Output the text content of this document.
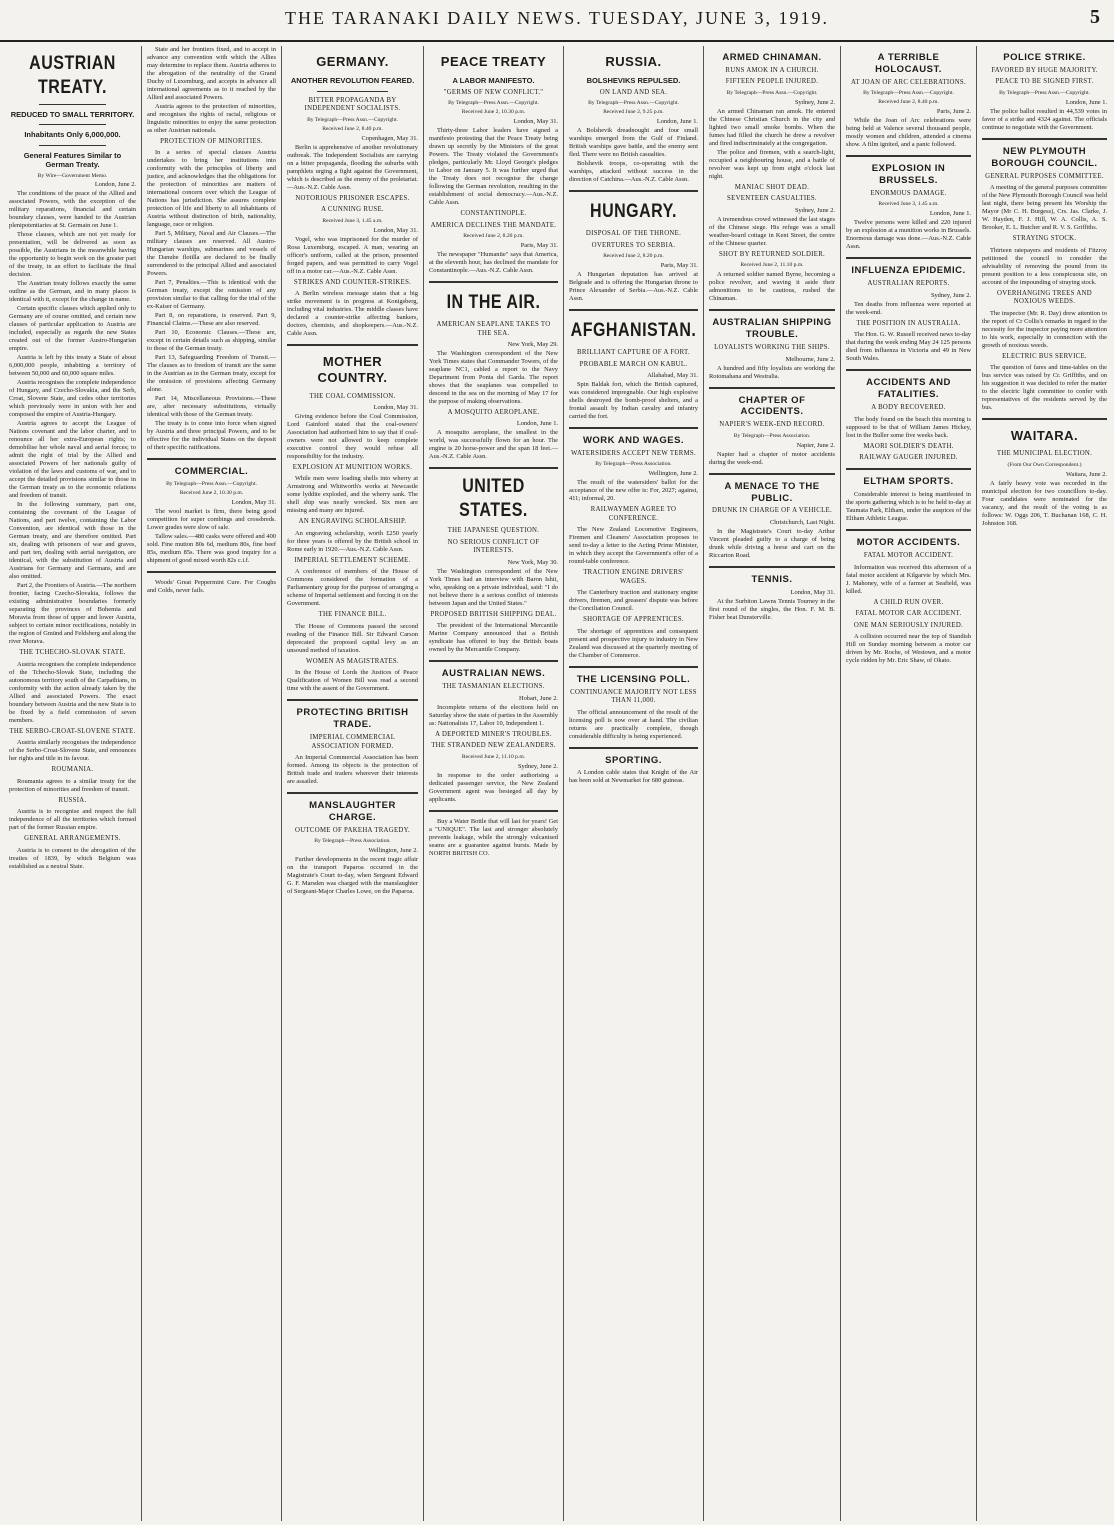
THE TARANAKI DAILY NEWS. TUESDAY, JUNE 3, 1919.	5
AUSTRIAN TREATY.
REDUCED TO SMALL TERRITORY.
Inhabitants Only 6,000,000.
General Features Similar to German Treaty.
By Wire—Government Memo.
London, June 2.

The conditions of the peace of the Allied and associated Powers, with the exception of the military reparations, financial and certain boundary clauses, were handed to the Austrian plenipotentiaries at St. Germain on June 1.

Those clauses, which are not yet ready for presentation, will be delivered as soon as possible, the Austrians in the meanwhile having the opportunity to begin work on the greater part of the treaty, in an effort to facilitate the final decision.

The Austrian treaty follows exactly the same outline as the German, and in many places is identical with it, except for the change in name.

Certain specific clauses which applied only to Germany are of course omitted, and certain new clauses of particular application to Austria are included, especially as regards the new States created out of the former Austro-Hungarian empire.

Austria is left by this treaty a State of about 6,000,000 people, inhabiting a territory of between 50,000 and 60,000 square miles.

Austria recognises the complete independence of Hungary, and Czecho-Slovakia, and the Serb, Croat, Slovene State, and cedes other territories which previously were in union with her and composed the empire of Austria-Hungary.

Austria agrees to accept the League of Nations covenant and the labor charter, and to renounce all her extra-European rights; to demobilise her whole naval and aerial forces; to admit the right of trial by the Allied and associated Powers of her nationals guilty of violation of the laws and customs of war, and to accept the detailed provisions similar to those in the German treaty as to the economic relations and freedom of transit.

In the following summary, part one, containing the covenant of the League of Nations, and part twelve, containing the Labor Convention, are identical with those in the German treaty, and are therefore omitted. Part six, dealing with prisoners of war and graves, and part ten, dealing with aerial navigation, are identical, with the substitution of Austria and Austrians for Germany and Germans, and are also omitted.

Part 2, the Frontiers of Austria.—The northern frontier, facing Czecho-Slovakia, follows the existing administrative boundaries formerly separating the provinces of Bohemia and Moravia from those of upper and lower Austria, subject to certain minor rectifications, notably in the region of Gmünd and Feldsberg and along the river Morava.

THE TCHECHO-SLOVAK STATE.

Austria recognises the complete independence of the Tchecho-Slovak State, including the autonomous territory south of the Carpathians, in conformity with the action already taken by the Allied and associated Powers. The exact boundary between Austria and the new State is to be fixed by a field commission of seven members.

THE SERBO-CROAT-SLOVENE STATE.

Austria similarly recognises the independence of the Serbo-Croat-Slovene State, and renounces her rights and title in its favour.

ROUMANIA.

Roumania agrees to a similar treaty for the protection of minorities and freedom of transit.

RUSSIA.

Austria is to recognise and respect the full independence of all the territories which formed part of the former Russian empire.

GENERAL ARRANGEMENTS.

Austria is to consent to the abrogation of the treaties of 1839, by which Belgium was established as a neutral State.

State and her frontiers fixed, and to accept in advance any convention with which the Allies may determine to replace them. Austria adheres to the abrogation of the neutrality of the Grand Duchy of Luxemburg, and accepts in advance all international agreements as to it reached by the Allied and associated Powers.

Austria agrees to the protection of minorities, and recognises the rights of racial, religious or linguistic minorities to enjoy the same protection as other Austrian nationals.

PROTECTION OF MINORITIES.

In a series of special clauses Austria undertakes to bring her institutions into conformity with the principles of liberty and justice, and acknowledges that the obligations for the protection of minorities are matters of international concern over which the League of Nations has jurisdiction. She assures complete protection of life and liberty to all inhabitants of Austria without distinction of birth, nationality, language, race or religion.

Part 5, Military, Naval and Air Clauses.—The military clauses are reserved. All Austro-Hungarian warships, submarines and vessels of the Danube flotilla are declared to be finally surrendered to the principal Allied and associated Powers.

Part 7, Penalties.—This is identical with the German treaty, except the omission of any provision similar to that calling for the trial of the ex-Kaiser of Germany.

Part 8, on reparations, is reserved. Part 9, Financial Claims.—These are also reserved.

Part 10, Economic Clauses.—These are, except in certain details such as shipping, similar to those of the German treaty.

Part 13, Safeguarding Freedom of Transit.—The clauses as to freedom of transit are the same in the Austrian as in the German treaty, except for the omission of provisions affecting Germany alone.

Part 14, Miscellaneous Provisions.—These are, after necessary substitutions, virtually identical with those of the German treaty.

The treaty is to come into force when signed by Austria and three principal Powers, and to be effective for the individual States on the deposit of their specific ratifications.

COMMERCIAL.
By Telegraph—Press Assn.—Copyright.
Received June 2, 10.30 p.m.
London, May 31.

The wool market is firm, there being good competition for super combings and crossbreds. Lower grades were slow of sale.

Tallow sales.—480 casks were offered and 400 sold. Fine mutton 80s 6d, medium 80s, fine beef 85s, medium 85s. There was good inquiry for a shipment of good mixed worth 82s c.i.f.

Woods' Great Peppermint Cure. For Coughs and Colds, never fails.

GERMANY.
ANOTHER REVOLUTION FEARED.
BITTER PROPAGANDA BY INDEPENDENT SOCIALISTS.
By Telegraph—Press Assn.—Copyright.
Received June 2, 8.40 p.m.
Copenhagen, May 31.

Berlin is apprehensive of another revolutionary outbreak. The Independent Socialists are carrying on a bitter propaganda, flooding the suburbs with pamphlets urging a fight against the Government, which is described as the enemy of the proletariat.—Aus.-N.Z. Cable Assn.

NOTORIOUS PRISONER ESCAPES.
A CUNNING RUSE.
Received June 3, 1.45 a.m.
London, May 31.

Vogel, who was imprisoned for the murder of Rosa Luxemburg, escaped. A man, wearing an officer's uniform, called at the prison, presented forged papers, and was permitted to carry Vogel off in a motor car.—Aus.-N.Z. Cable Assn.

STRIKES AND COUNTER-STRIKES.

A Berlin wireless message states that a big strike movement is in progress at Konigsberg, including vital industries. The middle classes have declared a counter-strike affecting bankers, doctors, chemists, and shopkeepers.—Aus.-N.Z. Cable Assn.

MOTHER COUNTRY.
THE COAL COMMISSION.
London, May 31.

Giving evidence before the Coal Commission, Lord Gainford stated that the coal-owners' Association had authorised him to say that if coal-owners were not allowed to keep complete executive control they would refuse all responsibility for the industry.

EXPLOSION AT MUNITION WORKS.

While men were loading shells into wherry at Armstrong and Whitworth's works at Newcastle some lyddite exploded, and the wherry sank. The shell ship was nearly wrecked. Six men are missing and many are injured.

AN ENGRAVING SCHOLARSHIP.

An engraving scholarship, worth £250 yearly for three years is offered by the British school in Rome early in 1920.—Aus.-N.Z. Cable Assn.

IMPERIAL SETTLEMENT SCHEME.

A conference of members of the House of Commons considered the formation of a Parliamentary group for the purpose of arranging a scheme of Imperial settlement and forcing it on the Government.

THE FINANCE BILL.

The House of Commons passed the second reading of the Finance Bill. Sir Edward Carson deprecated the proposed capital levy as an unsound method of taxation.

WOMEN AS MAGISTRATES.

In the House of Lords the Justices of Peace Qualification of Women Bill was read a second time with the assent of the Government.

PROTECTING BRITISH TRADE.
IMPERIAL COMMERCIAL ASSOCIATION FORMED.

An Imperial Commercial Association has been formed. Among its objects is the protection of British trade and traders wherever their interests are assailed.

MANSLAUGHTER CHARGE.
OUTCOME OF PAKEHA TRAGEDY.
By Telegraph—Press Association.
Wellington, June 2.

Further developments in the recent tragic affair on the transport Paparoa occurred in the Magistrate's Court to-day, when Sergeant Edward G. F. Marsden was charged with the manslaughter of Sergeant-Major Charles Lowe, on the Paparoa.

PEACE TREATY
A LABOR MANIFESTO.
"GERMS OF NEW CONFLICT."
By Telegraph—Press Assn.—Copyright.
Received June 2, 10.30 p.m.
London, May 31.

Thirty-three Labor leaders have signed a manifesto protesting that the Peace Treaty being drawn up secretly by the Ministers of the great Powers. The Treaty violated the Government's pledges, particularly Mr. Lloyd George's pledges to Labor on January 5. It was further urged that the Treaty does not recognise the change following the German revolution, resulting in the establishment of social democracy.—Aus.-N.Z. Cable Assn.

CONSTANTINOPLE.
AMERICA DECLINES THE MANDATE.
Received June 2, 8.20 p.m.
Paris, May 31.

The newspaper "Humanite" says that America, at the eleventh hour, has declined the mandate for Constantinople.—Aus.-N.Z. Cable Assn.

IN THE AIR.
AMERICAN SEAPLANE TAKES TO THE SEA.
New York, May 29.

The Washington correspondent of the New York Times states that Commander Towers, of the seaplane NC1, cabled a report to the Navy Department from Ponta del Garda. The report shows that the seaplanes was compelled to descend in the sea on the morning of May 17 for the purpose of making observations.

A MOSQUITO AEROPLANE.
London, June 1.

A mosquito aeroplane, the smallest in the world, was successfully flown for an hour. The engine is 20 horse-power and the span 18 feet.—Aus.-N.Z. Cable Assn.

UNITED STATES.
THE JAPANESE QUESTION.
NO SERIOUS CONFLICT OF INTERESTS.
New York, May 30.

The Washington correspondent of the New York Times had an interview with Baron Ishii, who, speaking on a private individual, said: "I do not believe there is a serious conflict of interests between Japan and the United States."

PROPOSED BRITISH SHIPPING DEAL.

The president of the International Mercantile Marine Company announced that a British syndicate has offered to buy the British boats owned by the Mercantile Company.

AUSTRALIAN NEWS.
THE TASMANIAN ELECTIONS.
Hobart, June 2.

Incomplete returns of the elections held on Saturday show the state of parties in the Assembly as: Nationalists 17, Labor 10, Independent 1.

A DEPORTED MINER'S TROUBLES.
THE STRANDED NEW ZEALANDERS.
Received June 2, 11.10 p.m.
Sydney, June 2.

In response to the order authorising a dedicated passenger service, the New Zealand Government agent was besieged all day by applicants.

Buy a Water Bottle that will last for years! Get a "UNIQUE". The last and stronger absolutely prevents leakage, while the strongly vulcanised seams are a guarantee against bursts. Made by NORTH BRITISH CO.

RUSSIA.
BOLSHEVIKS REPULSED.
ON LAND AND SEA.
By Telegraph—Press Assn.—Copyright.
Received June 2, 9.25 p.m.
London, June 1.

A Bolshevik dreadnought and four small warships emerged from the Gulf of Finland. British warships gave battle, and the enemy sent fled. There were no British casualties.

Bolshevik troops, co-operating with the warships, attacked without success in the direction of Catchina.—Aus.-N.Z. Cable Assn.

HUNGARY.
DISPOSAL OF THE THRONE.
OVERTURES TO SERBIA.
Received June 2, 8.20 p.m.
Paris, May 31.

A Hungarian deputation has arrived at Belgrade and is offering the Hungarian throne to Prince Alexander of Serbia.—Aus.-N.Z. Cable Assn.

AFGHANISTAN.
BRILLIANT CAPTURE OF A FORT.
PROBABLE MARCH ON KABUL.
Allahabad, May 31.

Spin Baldak fort, which the British captured, was considered impregnable. Our high explosive shells destroyed the bomb-proof shelters, and a frontal assault by Indian cavalry and infantry carried the fort.

WORK AND WAGES.
WATERSIDERS ACCEPT NEW TERMS.
By Telegraph—Press Association.
Wellington, June 2.

The result of the watersiders' ballot for the acceptance of the new offer is: For, 2027; against, 411; informal, 20.

RAILWAYMEN AGREE TO CONFERENCE.

The New Zealand Locomotive Engineers, Firemen and Cleaners' Association proposes to send to-day a letter to the Acting Prime Minister, in which they accept the Government's offer of a round-table conference.

TRACTION ENGINE DRIVERS' WAGES.

The Canterbury traction and stationary engine drivers, firemen, and greasers' dispute was before the Conciliation Council.

SHORTAGE OF APPRENTICES.

The shortage of apprentices and consequent present and prospective injury to industry in New Zealand was discussed at the quarterly meeting of the Chamber of Commerce.

THE LICENSING POLL.
CONTINUANCE MAJORITY NOT LESS THAN 11,000.

The official announcement of the result of the licensing poll is now over at hand. The civilian returns are practically complete, though considerable difficulty is being experienced.

SPORTING.

A London cable states that Knight of the Air has been sold at Newmarket for 680 guineas.

ARMED CHINAMAN.
RUNS AMOK IN A CHURCH.
FIFTEEN PEOPLE INJURED.
By Telegraph—Press Assn.—Copyright.
Sydney, June 2.

An armed Chinaman ran amok. He entered the Chinese Christian Church in the city and lighted two small smoke bombs. When the fumes had filled the church he drew a revolver and fired indiscriminately at the congregation.

The police and firemen, with a search-light, occupied a neighbouring house, and a battle of revolver was kept up from eight o'clock last night.

MANIAC SHOT DEAD.
SEVENTEEN CASUALTIES.
Sydney, June 2.

A tremendous crowd witnessed the last stages of the Chinese siege. His refuge was a small weather-board cottage in Kent Street, the centre of the Chinese quarter.

SHOT BY RETURNED SOLDIER.
Received June 2, 11.10 p.m.

A returned soldier named Byrne, becoming a police revolver, and waving it aside their admonitions to be cautious, rushed the Chinaman.

AUSTRALIAN SHIPPING TROUBLE.
LOYALISTS WORKING THE SHIPS.
Melbourne, June 2.

A hundred and fifty loyalists are working the Rotomahana and Westralia.

CHAPTER OF ACCIDENTS.
NAPIER'S WEEK-END RECORD.
By Telegraph—Press Association.
Napier, June 2.

Napier had a chapter of motor accidents during the week-end.

A MENACE TO THE PUBLIC.
DRUNK IN CHARGE OF A VEHICLE.
Christchurch, Last Night.

In the Magistrate's Court to-day Arthur Vincent pleaded guilty to a charge of being drunk while driving a horse and cart on the Riccarton Road.

TENNIS.
London, May 31.

At the Surbiton Lawns Tennis Tourney in the first round of the singles, the Hon. F. M. B. Fisher beat Dunsterville.

A TERRIBLE HOLOCAUST.
AT JOAN OF ARC CELEBRATIONS.
By Telegraph—Press Assn.—Copyright.
Received June 2, 8.40 p.m.
Paris, June 2.

While the Joan of Arc celebrations were being held at Valence several thousand people, mostly women and children, attended a cinema show. A film ignited, and a panic followed.

EXPLOSION IN BRUSSELS.
ENORMOUS DAMAGE.
Received June 3, 1.45 a.m.
London, June 1.

Twelve persons were killed and 220 injured by an explosion at a munition works in Brussels. Enormous damage was done.—Aus.-N.Z. Cable Assn.

INFLUENZA EPIDEMIC.
AUSTRALIAN REPORTS.
Sydney, June 2.

Ten deaths from influenza were reported at the week-end.

THE POSITION IN AUSTRALIA.

The Hon. G. W. Russell received news to-day that during the week ending May 24 125 persons died from influenza in Victoria and 49 in New South Wales.

ACCIDENTS AND FATALITIES.
A BODY RECOVERED.

The body found on the beach this morning is supposed to be that of William James Hickey, lost in the Buller some five weeks back.

MAORI SOLDIER'S DEATH.
RAILWAY GAUGER INJURED.
ELTHAM SPORTS.

Considerable interest is being manifested in the sports gathering which is to be held to-day at Taumata Park, Eltham, under the auspices of the Eltham Athletic League.

MOTOR ACCIDENTS.
FATAL MOTOR ACCIDENT.

Information was received this afternoon of a fatal motor accident at Kilgarvie by which Mrs. J. Mahoney, wife of a farmer at Seafield, was killed.

A CHILD RUN OVER.
FATAL MOTOR CAR ACCIDENT.
ONE MAN SERIOUSLY INJURED.

A collision occurred near the top of Standish Hill on Sunday morning between a motor car driven by Mr. Roche, of Westown, and a motor cycle ridden by Mr. Eric Shaw, of Okato.

POLICE STRIKE.
FAVORED BY HUGE MAJORITY.
PEACE TO BE SIGNED FIRST.
By Telegraph—Press Assn.—Copyright.
London, June 1.

The police ballot resulted in 44,539 votes in favor of a strike and 4324 against. The officials continue to negotiate with the Government.

NEW PLYMOUTH BOROUGH COUNCIL.
GENERAL PURPOSES COMMITTEE.

A meeting of the general purposes committee of the New Plymouth Borough Council was held last night, there being present his Worship the Mayor (Mr C. H. Burgess), Crs. Jas. Clarke, J. W. Hayden, F. J. Hill, W. A. Collis, A. S. Brooker, E. L. Butcher and R. V. S. Griffiths.

STRAYING STOCK.

Thirteen ratepayers and residents of Fitzroy petitioned the council to consider the advisability of removing the pound from its present position to a less conspicuous site, on account of the impounding of straying stock.

OVERHANGING TREES AND NOXIOUS WEEDS.

The inspector (Mr. R. Day) drew attention to the report of Cr Collis's remarks in regard to the necessity for the inspector paying more attention to his work, especially in connection with the growth of noxious weeds.

ELECTRIC BUS SERVICE.

The question of fares and time-tables on the bus service was raised by Cr. Griffiths, and on his suggestion it was decided to refer the matter to the electric light committee to confer with representatives of the residents served by the bus.

WAITARA.
THE MUNICIPAL ELECTION.
(From Our Own Correspondent.)
Waitara, June 2.

A fairly heavy vote was recorded in the municipal election for two councillors to-day. Four candidates were nominated for the vacancy, and the result of the voting is as follows: W. Oggs 206, T. Buchanan 168, C. H. Johnston 168.
